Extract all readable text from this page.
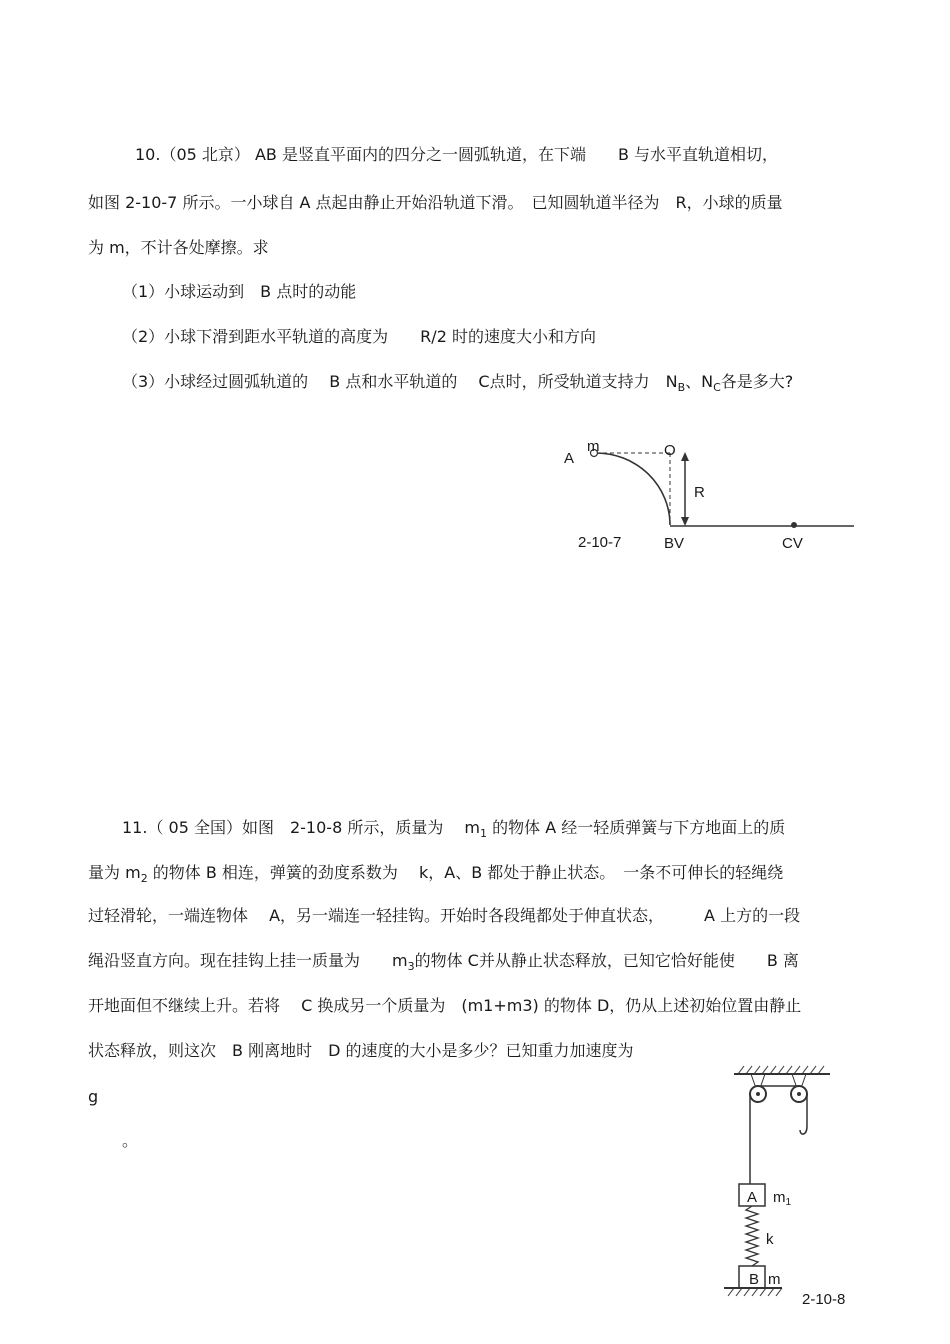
10.（05 北京） AB 是竖直平面内的四分之一圆弧轨道，在下端　　B 与水平直轨道相切，
如图 2-10-7 所示。一小球自 A 点起由静止开始沿轨道下滑。　已知圆轨道半径为　R，小球的质量
为 m，不计各处摩擦。求
（1）小球运动到　B 点时的动能
（2）小球下滑到距水平轨道的高度为　　R/2 时的速度大小和方向
（3）小球经过圆弧轨道的　 B 点和水平轨道的　 C点时，所受轨道支持力　$N_B$、$N_C$各是多大?
A
m	O
R
BV	CV
2-10-7
11.（ 05 全国）如图　2-10-8 所示，质量为　 $m_1$ 的物体 A 经一轻质弹簧与下方地面上的质
量为 $m_2$ 的物体 B 相连，弹簧的劲度系数为　 k，A、B 都处于静止状态。　一条不可伸长的轻绳绕
过轻滑轮，一端连物体　 A，另一端连一轻挂钩。开始时各段绳都处于伸直状态，　　　A 上方的一段
绳沿竖直方向。现在挂钩上挂一质量为　　$m_3$的物体 C并从静止状态释放，已知它恰好能使　　B 离
开地面但不继续上升。若将　 C 换成另一个质量为　(m1+m3) 的物体 D，仍从上述初始位置由静止
状态释放，则这次　B 刚离地时　D 的速度的大小是多少？已知重力加速度为
g
。
A $m_1$
k
B m
2-10-8
